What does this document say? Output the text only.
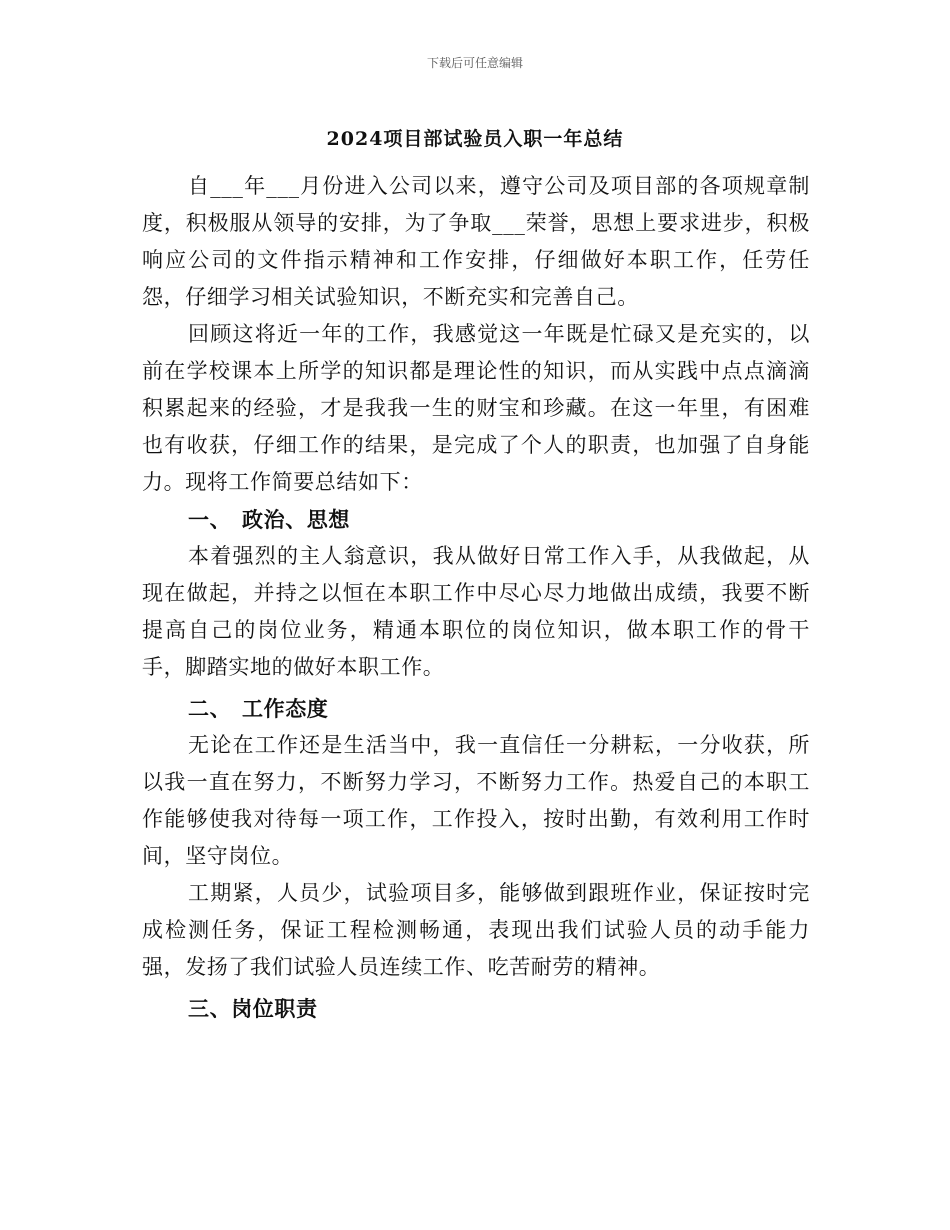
下载后可任意编辑
2024项目部试验员入职一年总结

自___年___月份进入公司以来，遵守公司及项目部的各项规章制度，积极服从领导的安排，为了争取___荣誉，思想上要求进步，积极响应公司的文件指示精神和工作安排，仔细做好本职工作，任劳任怨，仔细学习相关试验知识，不断充实和完善自己。

回顾这将近一年的工作，我感觉这一年既是忙碌又是充实的，以前在学校课本上所学的知识都是理论性的知识，而从实践中点点滴滴积累起来的经验，才是我我一生的财宝和珍藏。在这一年里，有困难也有收获，仔细工作的结果，是完成了个人的职责，也加强了自身能力。现将工作简要总结如下：

一、 政治、思想

本着强烈的主人翁意识，我从做好日常工作入手，从我做起，从现在做起，并持之以恒在本职工作中尽心尽力地做出成绩，我要不断提高自己的岗位业务，精通本职位的岗位知识，做本职工作的骨干手，脚踏实地的做好本职工作。

二、 工作态度

无论在工作还是生活当中，我一直信任一分耕耘，一分收获，所以我一直在努力，不断努力学习，不断努力工作。热爱自己的本职工作能够使我对待每一项工作，工作投入，按时出勤，有效利用工作时间，坚守岗位。

工期紧，人员少，试验项目多，能够做到跟班作业，保证按时完成检测任务，保证工程检测畅通，表现出我们试验人员的动手能力强，发扬了我们试验人员连续工作、吃苦耐劳的精神。

三、岗位职责
